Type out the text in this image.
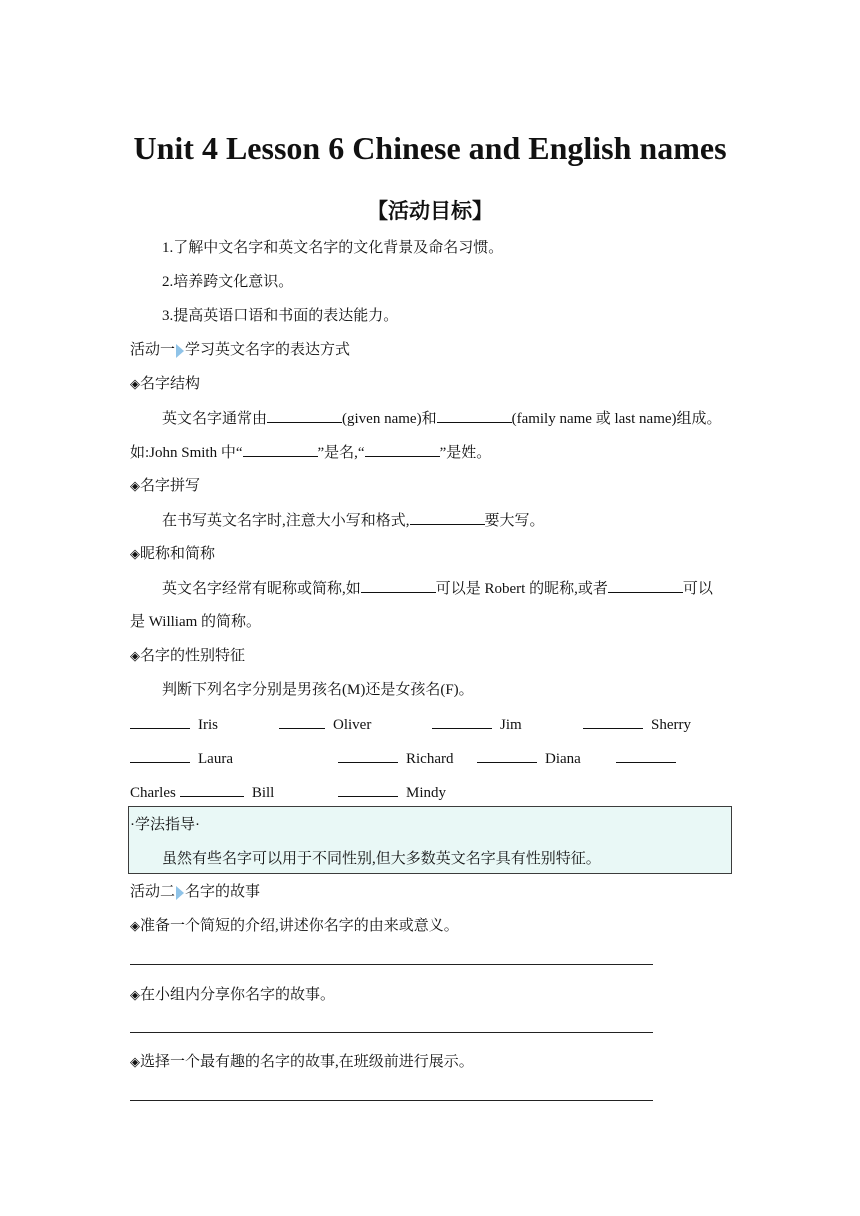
Unit 4 Lesson 6 Chinese and English names
【活动目标】
1.了解中文名字和英文名字的文化背景及命名习惯。
2.培养跨文化意识。
3.提高英语口语和书面的表达能力。
活动一 学习英文名字的表达方式
◈名字结构
英文名字通常由	(given name)和	(family name 或 last name)组成。
如:John Smith 中“	”是名,“	”是姓。
◈名字拼写
在书写英文名字时,注意大小写和格式,	要大写。
◈昵称和简称
英文名字经常有昵称或简称,如	可以是 Robert 的昵称,或者	可以
是 William 的简称。
◈名字的性别特征
判断下列名字分别是男孩名(M)还是女孩名(F)。
Iris	Oliver	Jim	Sherry
Laura	Richard	Diana
Charles	Bill	Mindy
·学法指导·
虽然有些名字可以用于不同性别,但大多数英文名字具有性别特征。
活动二 名字的故事
◈准备一个简短的介绍,讲述你名字的由来或意义。
◈在小组内分享你名字的故事。
◈选择一个最有趣的名字的故事,在班级前进行展示。
